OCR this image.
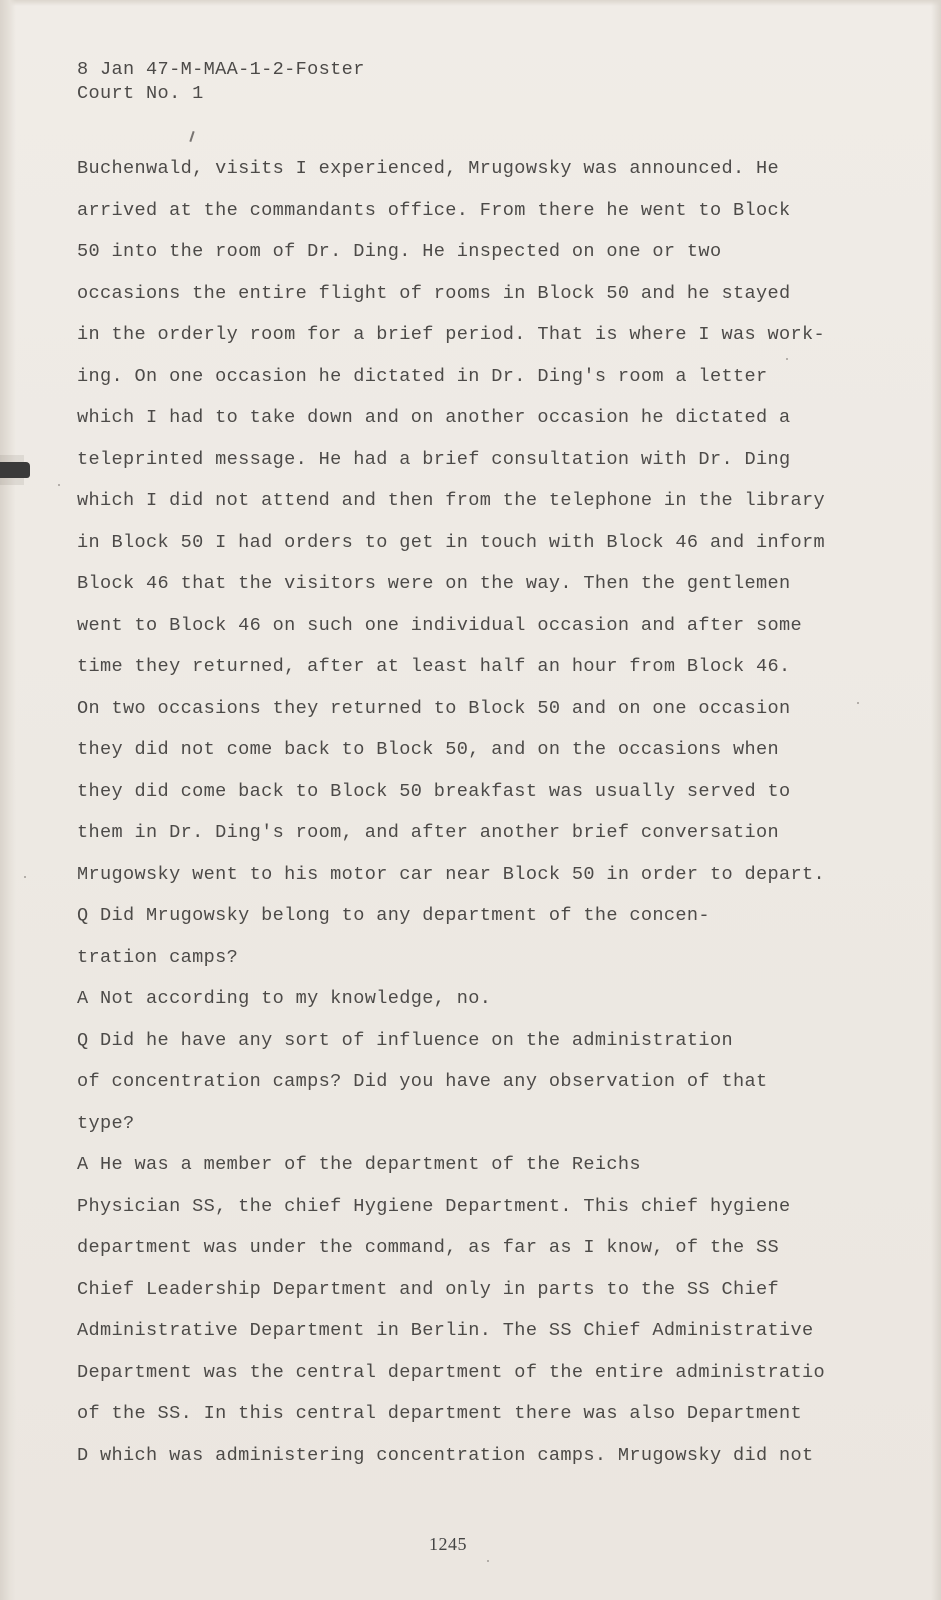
8 Jan 47-M-MAA-1-2-Foster
Court No. 1
Buchenwald, visits I experienced, Mrugowsky was announced. He
arrived at the commandants office. From there he went to Block
50 into the room of Dr. Ding. He inspected on one or two
occasions the entire flight of rooms in Block 50 and he stayed
in the orderly room for a brief period. That is where I was work-
ing. On one occasion he dictated in Dr. Ding's room a letter
which I had to take down and on another occasion he dictated a
teleprinted message. He had a brief consultation with Dr. Ding
which I did not attend and then from the telephone in the library
in Block 50 I had orders to get in touch with Block 46 and inform
Block 46 that the visitors were on the way. Then the gentlemen
went to Block 46 on such one individual occasion and after some
time they returned, after at least half an hour from Block 46.
On two occasions they returned to Block 50 and on one occasion
they did not come back to Block 50, and on the occasions when
they did come back to Block 50 breakfast was usually served to
them in Dr. Ding's room, and after another brief conversation
Mrugowsky went to his motor car near Block 50 in order to depart.
Q Did Mrugowsky belong to any department of the concen-
tration camps?
A Not according to my knowledge, no.
Q Did he have any sort of influence on the administration
of concentration camps? Did you have any observation of that
type?
A He was a member of the department of the Reichs
Physician SS, the chief Hygiene Department. This chief hygiene
department was under the command, as far as I know, of the SS
Chief Leadership Department and only in parts to the SS Chief
Administrative Department in Berlin. The SS Chief Administrative
Department was the central department of the entire administratio
of the SS. In this central department there was also Department
D which was administering concentration camps. Mrugowsky did not
1245
